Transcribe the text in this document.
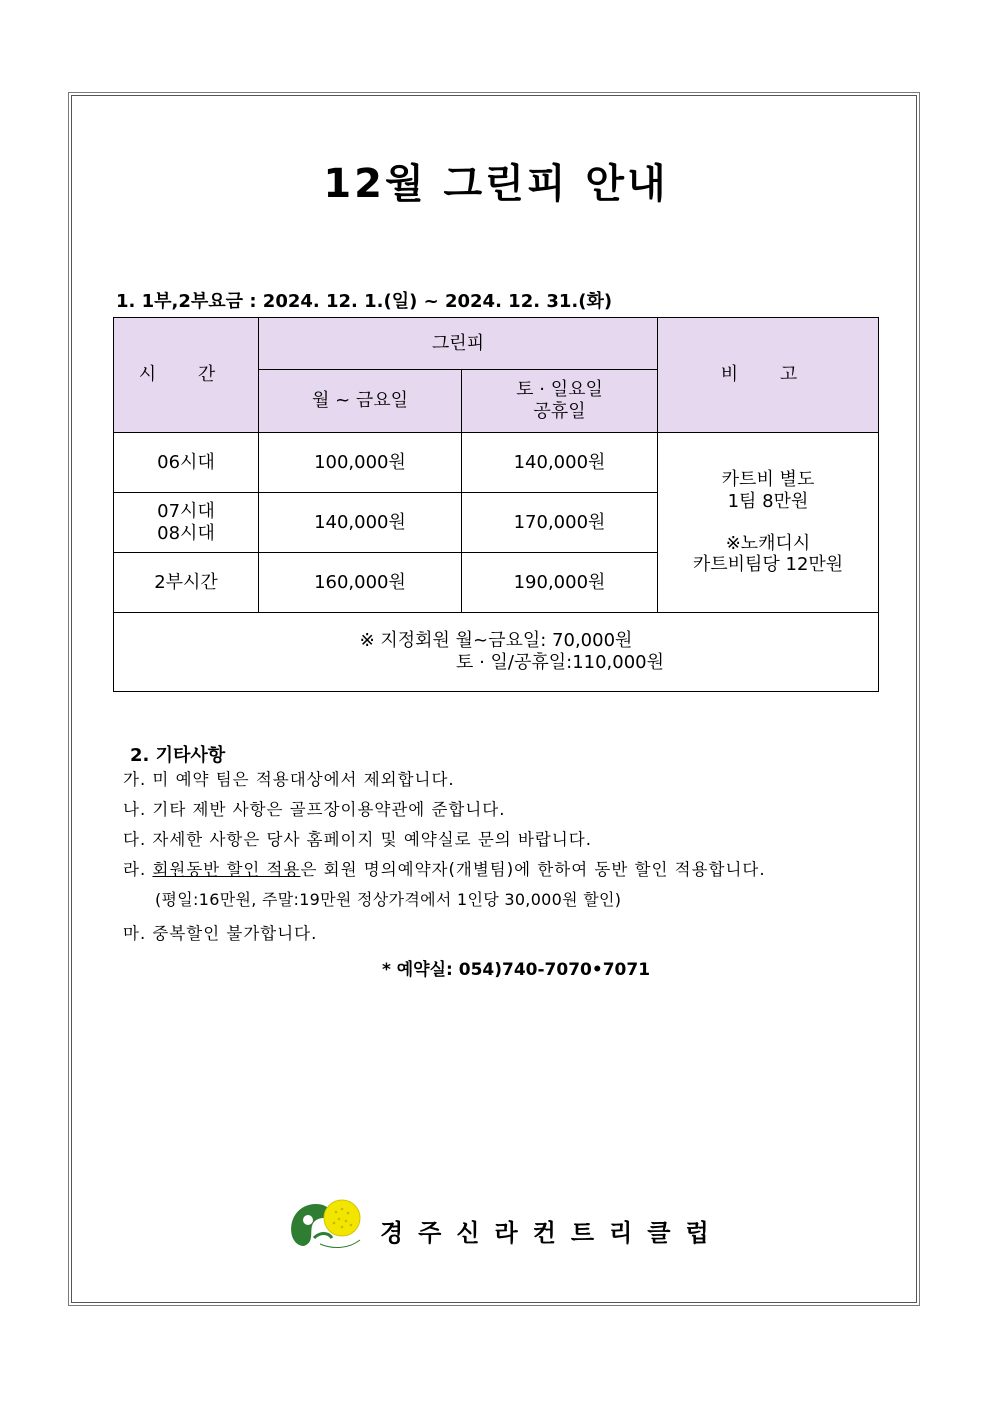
12월 그린피 안내
1. 1부,2부요금 : 2024. 12. 1.(일) ~ 2024. 12. 31.(화)
시 간	그린피		비 고
	월 ~ 금요일	토 · 일요일
공휴일	

06시대	100,000원	140,000원	카트비 별도
1팀 8만원
※노캐디시
카트비팀당 12만원

07시대
08시대	140,000원	170,000원	
2부시간	160,000원	190,000원	

※ 지정회원 월~금요일: 70,000원
토 · 일/공휴일:110,000원			
2. 기타사항
가. 미 예약 팀은 적용대상에서 제외합니다.
나. 기타 제반 사항은 골프장이용약관에 준합니다.
다. 자세한 사항은 당사 홈페이지 및 예약실로 문의 바랍니다.
라. 회원동반 할인 적용은 회원 명의예약자(개별팀)에 한하여 동반 할인 적용합니다.
(평일:16만원, 주말:19만원 정상가격에서 1인당 30,000원 할인)
마. 중복할인 불가합니다.
* 예약실: 054)740-7070•7071
경주신라컨트리클럽
